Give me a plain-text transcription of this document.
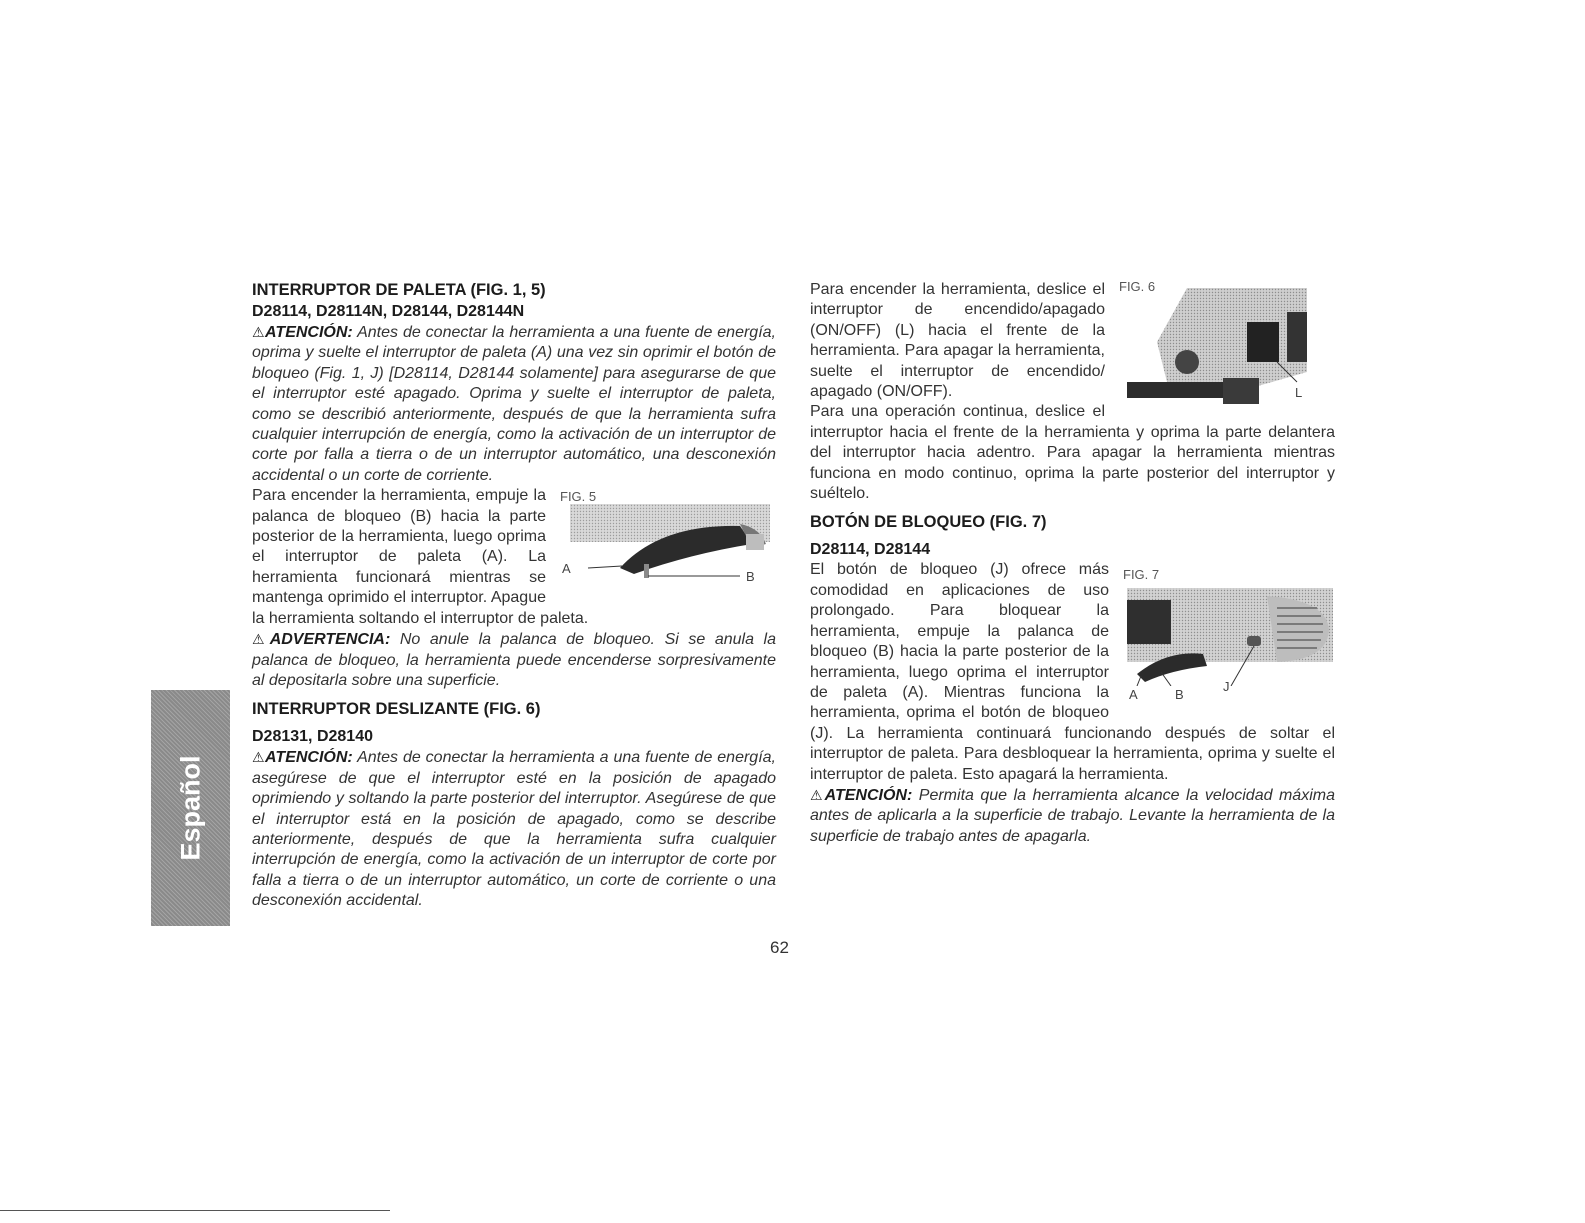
Español
INTERRUPTOR DE PALETA (FIG. 1, 5)
D28114, D28114N, D28144, D28144N

⚠ATENCIÓN: Antes de conectar la herramienta a una fuente de energía, oprima y suelte el interruptor de paleta (A) una vez sin oprimir el botón de bloqueo (Fig. 1, J) [D28114, D28144 solamente] para asegurarse de que el interruptor esté apagado. Oprima y suelte el interruptor de paleta, como se describió anteriormente, después de que la herramienta sufra cualquier interrupción de energía, como la activación de un interruptor de corte por falla a tierra o de un interruptor automático, una desconexión accidental o un corte de corriente.

FIG. 5
A
B

Para encender la herramienta, empuje la palanca de bloqueo (B) hacia la parte posterior de la herramienta, luego oprima el interruptor de paleta (A). La herramienta funcionará mientras se mantenga oprimido el interruptor. Apague la herramienta soltando el interruptor de paleta.

⚠ADVERTENCIA: No anule la palanca de bloqueo. Si se anula la palanca de bloqueo, la herramienta puede encenderse sorpresivamente al depositarla sobre una superficie.

INTERRUPTOR DESLIZANTE (FIG. 6)
D28131, D28140

⚠ATENCIÓN: Antes de conectar la herramienta a una fuente de energía, asegúrese de que el interruptor esté en la posición de apagado oprimiendo y soltando la parte posterior del interruptor. Asegúrese de que el interruptor está en la posición de apagado, como se describe anteriormente, después de que la herramienta sufra cualquier interrupción de energía, como la activación de un interruptor de corte por falla a tierra o de un interruptor automático, un corte de corriente o una desconexión accidental.

FIG. 6
L

Para encender la herramienta, deslice el interruptor de encendido/apagado (ON/OFF) (L) hacia el frente de la herramienta. Para apagar la herramienta, suelte el interruptor de encendido/ apagado (ON/OFF).

Para una operación continua, deslice el interruptor hacia el frente de la herramienta y oprima la parte delantera del interruptor hacia adentro. Para apagar la herramienta mientras funciona en modo continuo, oprima la parte posterior del interruptor y suéltelo.

BOTÓN DE BLOQUEO (FIG. 7)
D28114, D28144
FIG. 7
A	B
J

El botón de bloqueo (J) ofrece más comodidad en aplicaciones de uso prolongado. Para bloquear la herramienta, empuje la palanca de bloqueo (B) hacia la parte posterior de la herramienta, luego oprima el interruptor de paleta (A). Mientras funciona la herramienta, oprima el botón de bloqueo (J). La herramienta continuará funcionando después de soltar el interruptor de paleta. Para desbloquear la herramienta, oprima y suelte el interruptor de paleta. Esto apagará la herramienta.

⚠ATENCIÓN: Permita que la herramienta alcance la velocidad máxima antes de aplicarla a la superficie de trabajo. Levante la herramienta de la superficie de trabajo antes de apagarla.

62
